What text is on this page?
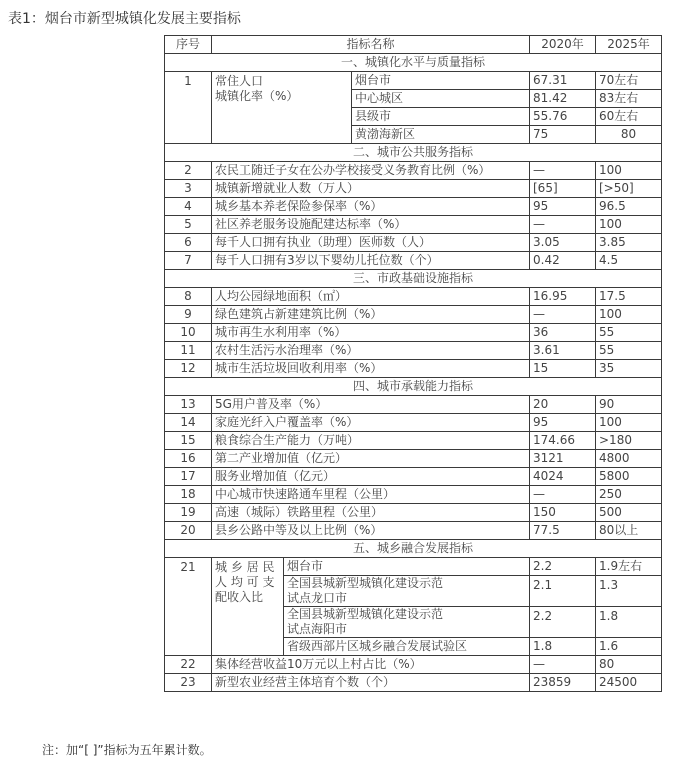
表1：烟台市新型城镇化发展主要指标
序号	指标名称			2020年	2025年
一、城镇化水平与质量指标					
1	常住人口
城镇化率（%）		烟台市	67.31	70左右
			中心城区	81.42	83左右
			县级市	55.76	60左右
			黄渤海新区	75	80
二、城市公共服务指标					
2	农民工随迁子女在公办学校接受义务教育比例（%）			—	100
3	城镇新增就业人数（万人）			[65]	[>50]
4	城乡基本养老保险参保率（%）			95	96.5
5	社区养老服务设施配建达标率（%）			—	100
6	每千人口拥有执业（助理）医师数（人）			3.05	3.85
7	每千人口拥有3岁以下婴幼儿托位数（个）			0.42	4.5
三、市政基础设施指标					
8	人均公园绿地面积（㎡）			16.95	17.5
9	绿色建筑占新建建筑比例（%）			—	100
10	城市再生水利用率（%）			36	55
11	农村生活污水治理率（%）			3.61	55
12	城市生活垃圾回收利用率（%）			15	35
四、城市承载能力指标					
13	5G用户普及率（%）			20	90
14	家庭光纤入户覆盖率（%）			95	100
15	粮食综合生产能力（万吨）			174.66	>180
16	第二产业增加值（亿元）			3121	4800
17	服务业增加值（亿元）			4024	5800
18	中心城市快速路通车里程（公里）			—	250
19	高速（城际）铁路里程（公里）			150	500
20	县乡公路中等及以上比例（%）			77.5	80以上
五、城乡融合发展指标					
21	城 乡 居 民
人 均 可 支
配收入比	烟台市		2.2	1.9左右

		全国县城新型城镇化建设示范
试点龙口市		2.1	1.3

		全国县城新型城镇化建设示范
试点海阳市		2.2	1.8
		省级西部片区城乡融合发展试验区		1.8	1.6
22	集体经营收益10万元以上村占比（%）			—	80
23	新型农业经营主体培育个数（个）			23859	24500
注：加“[ ]”指标为五年累计数。
